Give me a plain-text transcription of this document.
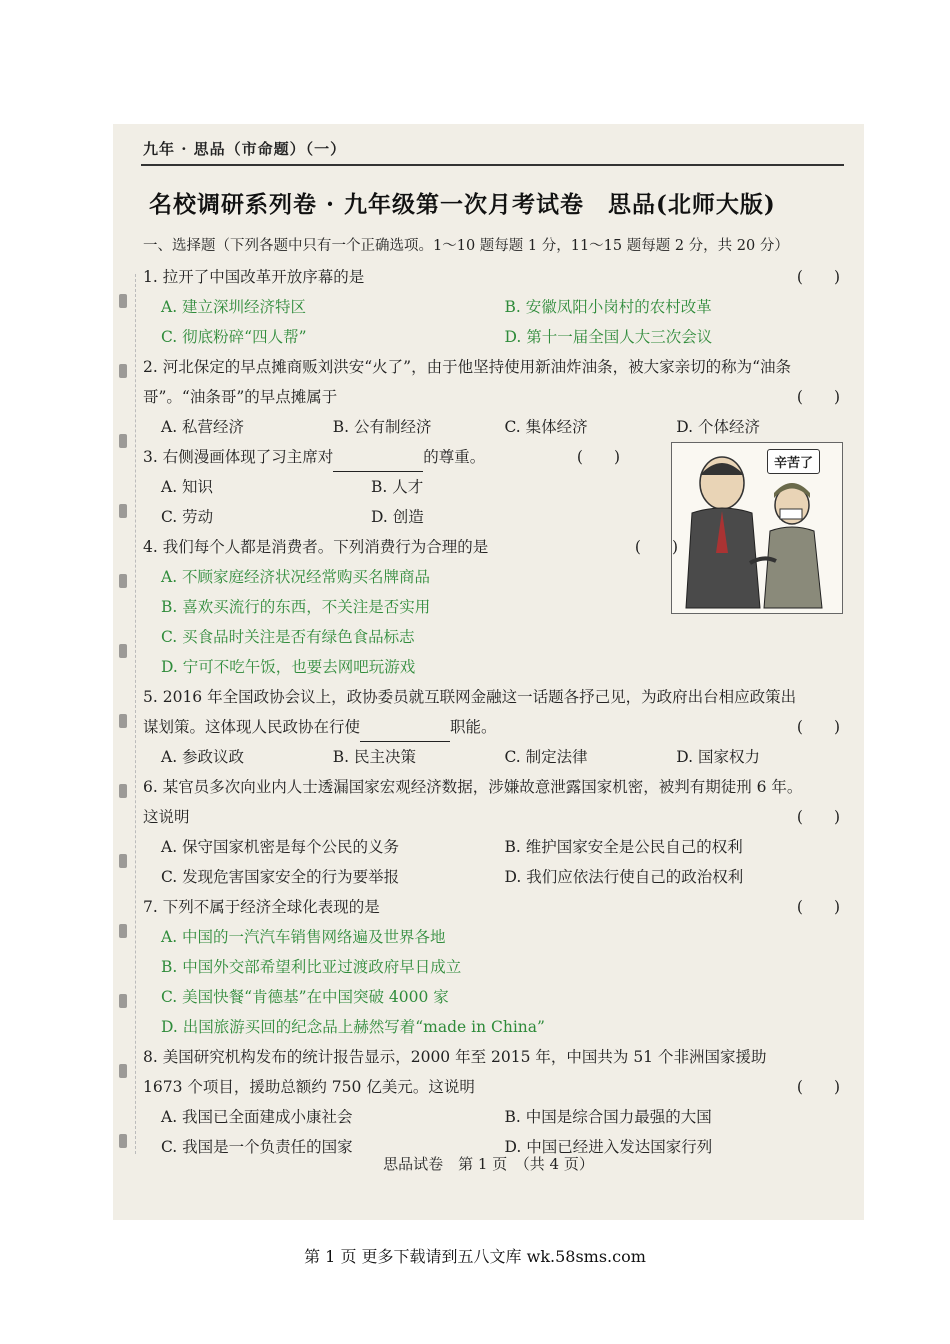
九年 · 思品（市命题）（一）
名校调研系列卷 · 九年级第一次月考试卷　思品(北师大版)
一、选择题（下列各题中只有一个正确选项。1～10 题每题 1 分，11～15 题每题 2 分，共 20 分）
辛苦了
1. 拉开了中国改革开放序幕的是	(　　)
A. 建立深圳经济特区	B. 安徽凤阳小岗村的农村改革
C. 彻底粉碎“四人帮”	D. 第十一届全国人大三次会议
2. 河北保定的早点摊商贩刘洪安“火了”，由于他坚持使用新油炸油条，被大家亲切的称为“油条哥”。“油条哥”的早点摊属于	(　　)
A. 私营经济	B. 公有制经济	C. 集体经济	D. 个体经济
3. 右侧漫画体现了习主席对	的尊重。	(　　)
A. 知识	B. 人才
C. 劳动	D. 创造
4. 我们每个人都是消费者。下列消费行为合理的是	(　　)
A. 不顾家庭经济状况经常购买名牌商品
B. 喜欢买流行的东西，不关注是否实用
C. 买食品时关注是否有绿色食品标志
D. 宁可不吃午饭，也要去网吧玩游戏
5. 2016 年全国政协会议上，政协委员就互联网金融这一话题各抒己见，为政府出台相应政策出谋划策。这体现人民政协在行使	职能。	(　　)
A. 参政议政	B. 民主决策	C. 制定法律	D. 国家权力
6. 某官员多次向业内人士透漏国家宏观经济数据，涉嫌故意泄露国家机密，被判有期徒刑 6 年。这说明	(　　)
A. 保守国家机密是每个公民的义务	B. 维护国家安全是公民自己的权利
C. 发现危害国家安全的行为要举报	D. 我们应依法行使自己的政治权利
7. 下列不属于经济全球化表现的是	(　　)
A. 中国的一汽汽车销售网络遍及世界各地
B. 中国外交部希望利比亚过渡政府早日成立
C. 美国快餐“肯德基”在中国突破 4000 家
D. 出国旅游买回的纪念品上赫然写着“made in China”
8. 美国研究机构发布的统计报告显示，2000 年至 2015 年，中国共为 51 个非洲国家援助 1673 个项目，援助总额约 750 亿美元。这说明	(　　)
A. 我国已全面建成小康社会	B. 中国是综合国力最强的大国
C. 我国是一个负责任的国家	D. 中国已经进入发达国家行列
思品试卷　第 1 页　（共 4 页）
第 1 页 更多下载请到五八文库 wk.58sms.com
